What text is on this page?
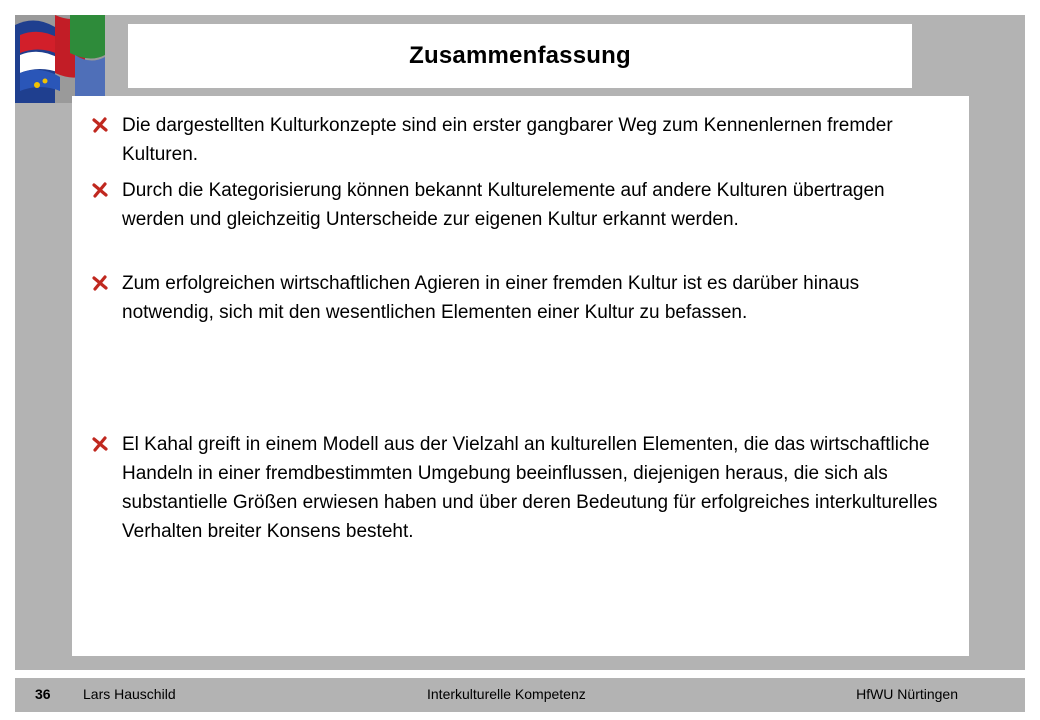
Zusammenfassung
Die dargestellten Kulturkonzepte sind ein erster gangbarer Weg zum Kennenlernen fremder Kulturen.
Durch die Kategorisierung können bekannt Kulturelemente auf andere Kulturen übertragen werden und gleichzeitig Unterscheide zur eigenen Kultur erkannt werden.
Zum erfolgreichen wirtschaftlichen Agieren in einer fremden Kultur ist es darüber hinaus notwendig, sich mit den wesentlichen Elementen einer Kultur zu befassen.
El Kahal greift in einem Modell aus der Vielzahl an kulturellen Elementen, die das wirtschaftliche Handeln in einer fremdbestimmten Umgebung beeinflussen, diejenigen heraus, die sich als substantielle Größen erwiesen haben und über deren Bedeutung für erfolgreiches interkulturelles Verhalten breiter Konsens besteht.
36 Lars Hauschild	Interkulturelle Kompetenz	HfWU Nürtingen
